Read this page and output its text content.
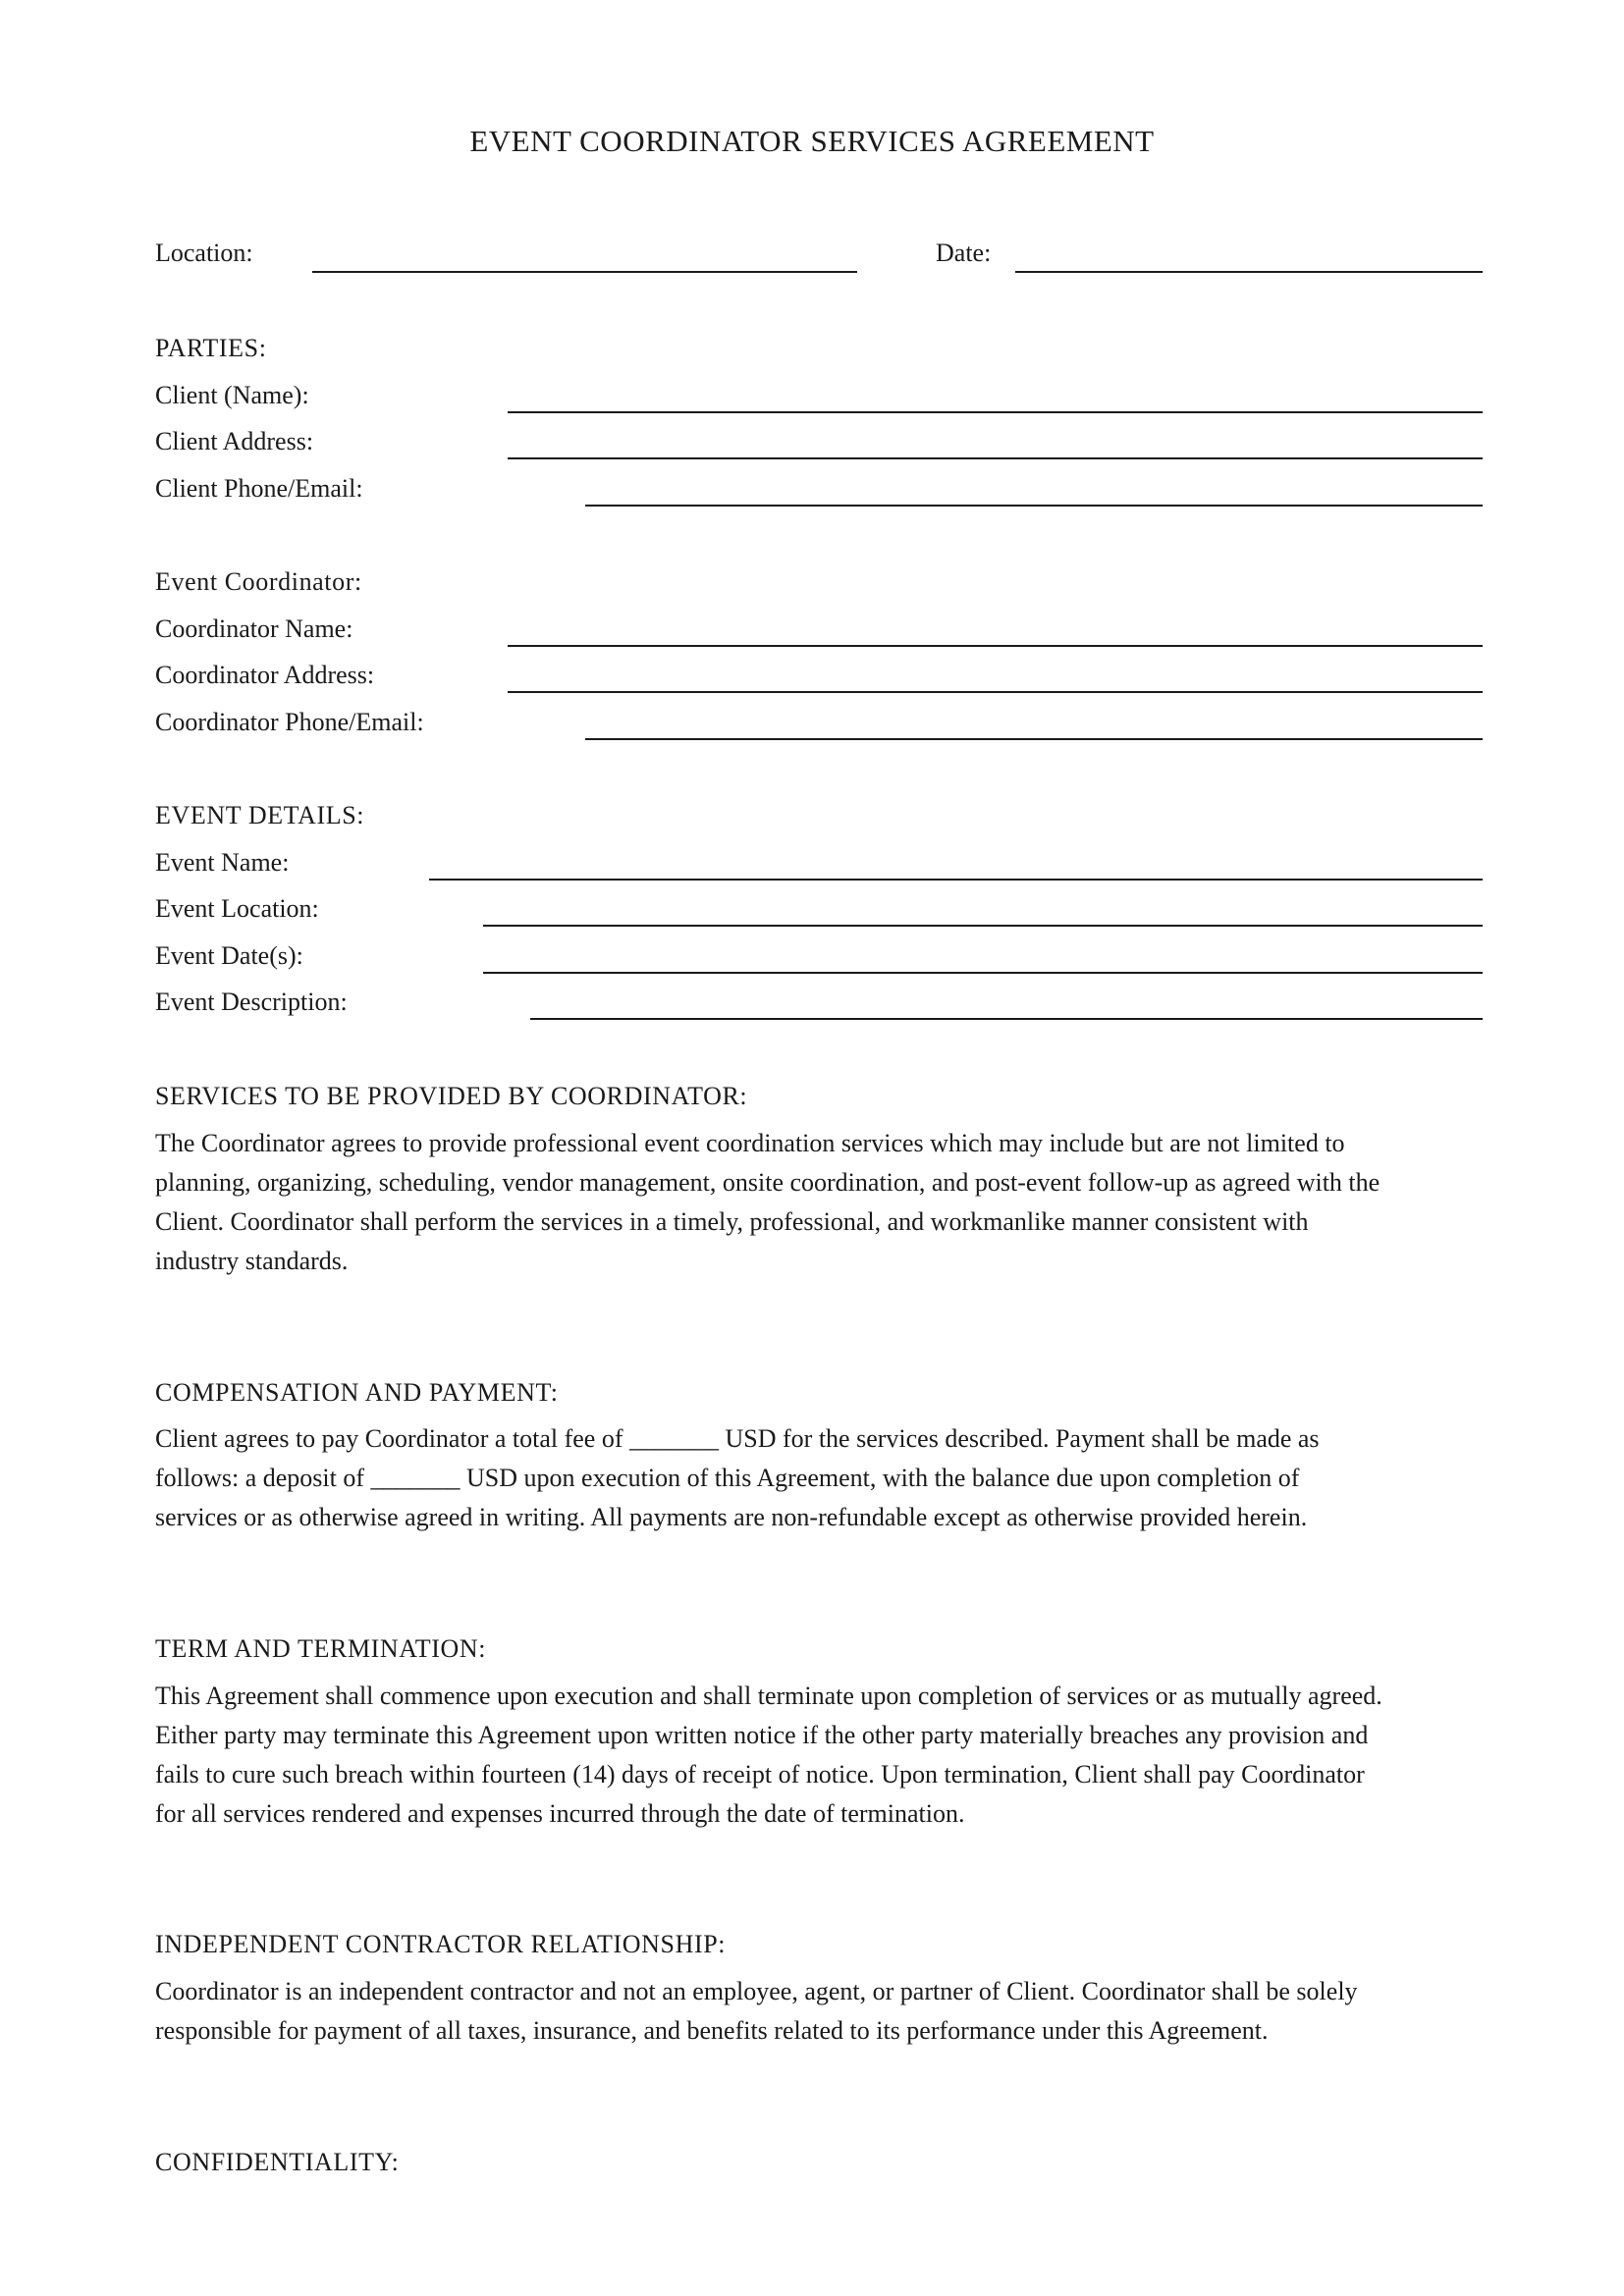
EVENT COORDINATOR SERVICES AGREEMENT
Location:	Date:
PARTIES:
Client (Name):
Client Address:
Client Phone/Email:
Event Coordinator:
Coordinator Name:
Coordinator Address:
Coordinator Phone/Email:
EVENT DETAILS:
Event Name:
Event Location:
Event Date(s):
Event Description:
SERVICES TO BE PROVIDED BY COORDINATOR:
The Coordinator agrees to provide professional event coordination services which may include but are not limited to
planning, organizing, scheduling, vendor management, onsite coordination, and post-event follow-up as agreed with the
Client. Coordinator shall perform the services in a timely, professional, and workmanlike manner consistent with
industry standards.
COMPENSATION AND PAYMENT:
Client agrees to pay Coordinator a total fee of _______ USD for the services described. Payment shall be made as
follows: a deposit of _______ USD upon execution of this Agreement, with the balance due upon completion of
services or as otherwise agreed in writing. All payments are non-refundable except as otherwise provided herein.
TERM AND TERMINATION:
This Agreement shall commence upon execution and shall terminate upon completion of services or as mutually agreed.
Either party may terminate this Agreement upon written notice if the other party materially breaches any provision and
fails to cure such breach within fourteen (14) days of receipt of notice. Upon termination, Client shall pay Coordinator
for all services rendered and expenses incurred through the date of termination.
INDEPENDENT CONTRACTOR RELATIONSHIP:
Coordinator is an independent contractor and not an employee, agent, or partner of Client. Coordinator shall be solely
responsible for payment of all taxes, insurance, and benefits related to its performance under this Agreement.
CONFIDENTIALITY:
